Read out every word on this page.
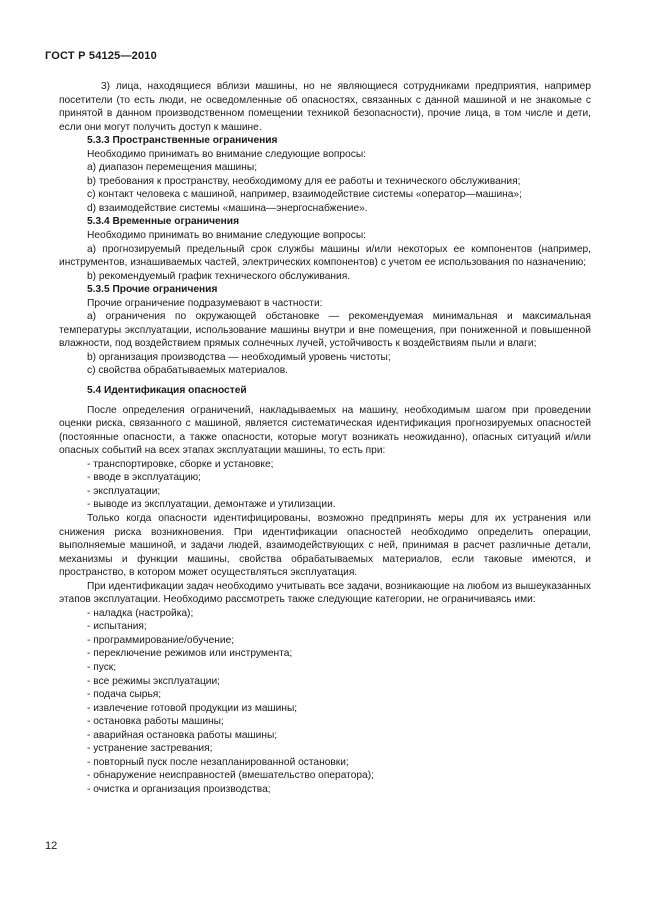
ГОСТ Р 54125—2010

3) лица, находящиеся вблизи машины, но не являющиеся сотрудниками предприятия, например посетители (то есть люди, не осведомленные об опасностях, связанных с данной машиной и не знакомые с принятой в данном производственном помещении техникой безопасности), прочие лица, в том числе и дети, если они могут получить доступ к машине.

5.3.3 Пространственные ограничения

Необходимо принимать во внимание следующие вопросы:

а) диапазон перемещения машины;

b) требования к пространству, необходимому для ее работы и технического обслуживания;

c) контакт человека с машиной, например, взаимодействие системы «оператор—машина»;

d) взаимодействие системы «машина—энергоснабжение».

5.3.4 Временные ограничения

Необходимо принимать во внимание следующие вопросы:

а) прогнозируемый предельный срок службы машины и/или некоторых ее компонентов (например, инструментов, изнашиваемых частей, электрических компонентов) с учетом ее использования по назначению;

b) рекомендуемый график технического обслуживания.

5.3.5 Прочие ограничения

Прочие ограничение подразумевают в частности:

а) ограничения по окружающей обстановке — рекомендуемая минимальная и максимальная температуры эксплуатации, использование машины внутри и вне помещения, при пониженной и повышенной влажности, под воздействием прямых солнечных лучей, устойчивость к воздействиям пыли и влаги;

b) организация производства — необходимый уровень чистоты;

с) свойства обрабатываемых материалов.

5.4 Идентификация опасностей

После определения ограничений, накладываемых на машину, необходимым шагом при проведении оценки риска, связанного с машиной, является систематическая идентификация прогнозируемых опасностей (постоянные опасности, а также опасности, которые могут возникать неожиданно), опасных ситуаций и/или опасных событий на всех этапах эксплуатации машины, то есть при:

- транспортировке, сборке и установке;

- вводе в эксплуатацию;

- эксплуатации;

- выводе из эксплуатации, демонтаже и утилизации.

Только когда опасности идентифицированы, возможно предпринять меры для их устранения или снижения риска возникновения. При идентификации опасностей необходимо определить операции, выполняемые машиной, и задачи людей, взаимодействующих с ней, принимая в расчет различные детали, механизмы и функции машины, свойства обрабатываемых материалов, если таковые имеются, и пространство, в котором может осуществляться эксплуатация.

При идентификации задач необходимо учитывать все задачи, возникающие на любом из вышеуказанных этапов эксплуатации. Необходимо рассмотреть также следующие категории, не ограничиваясь ими:

- наладка (настройка);

- испытания;

- программирование/обучение;

- переключение режимов или инструмента;

- пуск;

- все режимы эксплуатации;

- подача сырья;

- извлечение готовой продукции из машины;

- остановка работы машины;

- аварийная остановка работы машины;

- устранение застревания;

- повторный пуск после незапланированной остановки;

- обнаружение неисправностей (вмешательство оператора);

- очистка и организация производства;

12
